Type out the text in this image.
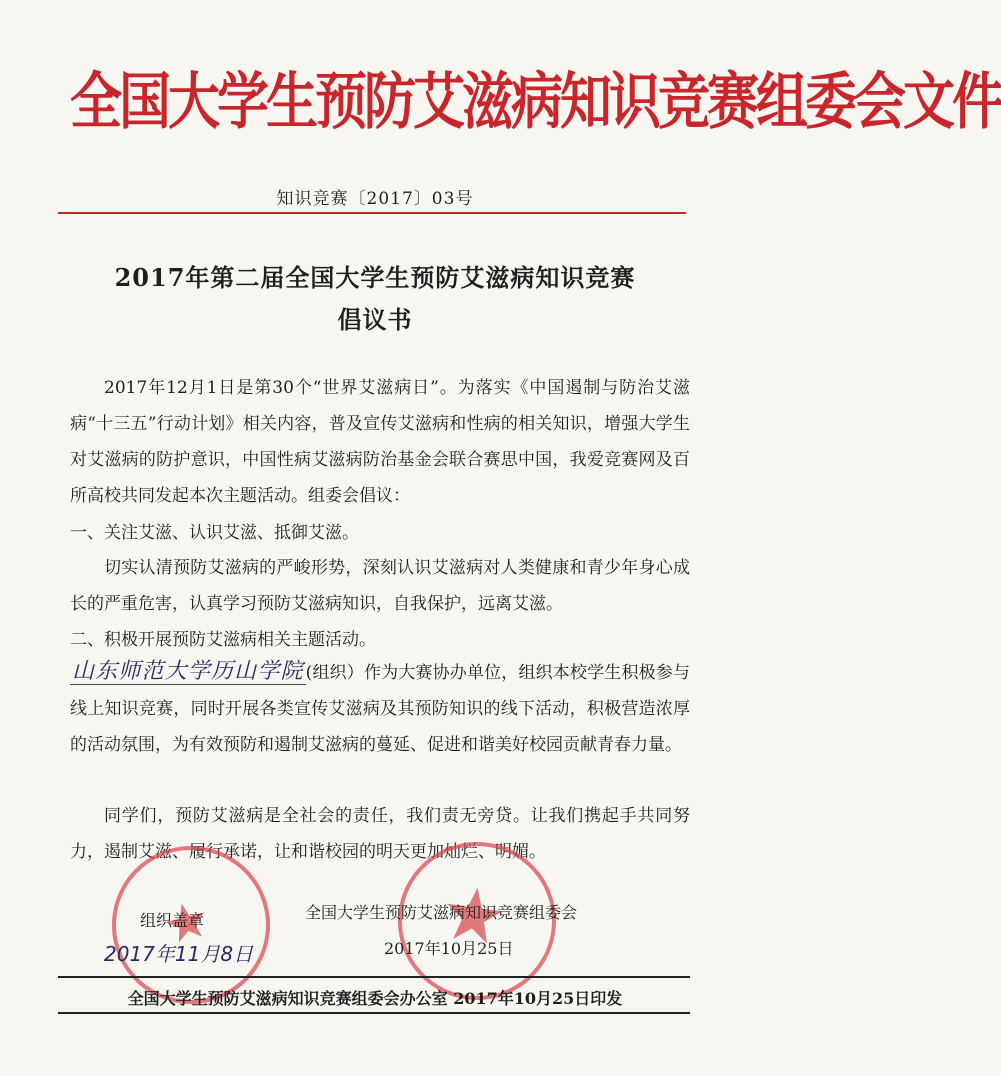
全国大学生预防艾滋病知识竞赛组委会文件
知识竞赛〔2017〕03号
2017年第二届全国大学生预防艾滋病知识竞赛
倡议书
2017年12月1日是第30个“世界艾滋病日”。为落实《中国遏制与防治艾滋病“十三五”行动计划》相关内容，普及宣传艾滋病和性病的相关知识，增强大学生对艾滋病的防护意识，中国性病艾滋病防治基金会联合赛思中国，我爱竞赛网及百所高校共同发起本次主题活动。组委会倡议：
一、关注艾滋、认识艾滋、抵御艾滋。
切实认清预防艾滋病的严峻形势，深刻认识艾滋病对人类健康和青少年身心成长的严重危害，认真学习预防艾滋病知识，自我保护，远离艾滋。
二、积极开展预防艾滋病相关主题活动。
山东师范大学历山学院 (组织）作为大赛协办单位，组织本校学生积极参与线上知识竞赛，同时开展各类宣传艾滋病及其预防知识的线下活动，积极营造浓厚的活动氛围，为有效预防和遏制艾滋病的蔓延、促进和谐美好校园贡献青春力量。
同学们，预防艾滋病是全社会的责任，我们责无旁贷。让我们携起手共同努力，遏制艾滋、履行承诺，让和谐校园的明天更加灿烂、明媚。
组织盖章
2017年11月8日
全国大学生预防艾滋病知识竞赛组委会
2017年10月25日
全国大学生预防艾滋病知识竞赛组委会办公室 2017年10月25日印发
